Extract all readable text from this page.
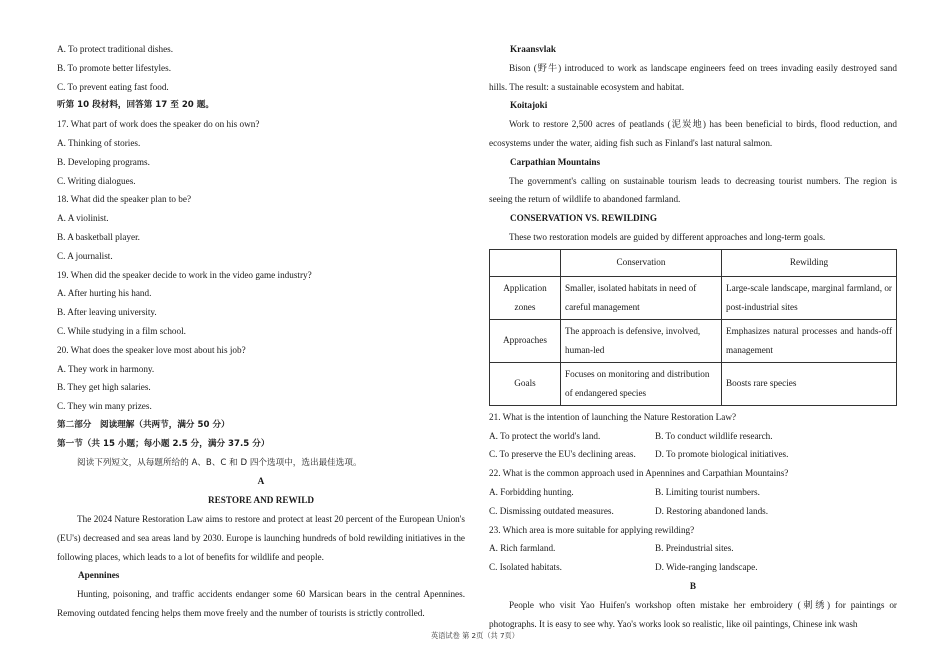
A. To protect traditional dishes.
B. To promote better lifestyles.
C. To prevent eating fast food.
听第 10 段材料，回答第 17 至 20 题。
17. What part of work does the speaker do on his own?
A. Thinking of stories.
B. Developing programs.
C. Writing dialogues.
18. What did the speaker plan to be?
A. A violinist.
B. A basketball player.
C. A journalist.
19. When did the speaker decide to work in the video game industry?
A. After hurting his hand.
B. After leaving university.
C. While studying in a film school.
20. What does the speaker love most about his job?
A. They work in harmony.
B. They get high salaries.
C. They win many prizes.
第二部分　阅读理解（共两节，满分 50 分）
第一节（共 15 小题；每小题 2.5 分，满分 37.5 分）
阅读下列短文，从每题所给的 A、B、C 和 D 四个选项中，选出最佳选项。
A
RESTORE AND REWILD
The 2024 Nature Restoration Law aims to restore and protect at least 20 percent of the European Union's (EU's) decreased and sea areas land by 2030. Europe is launching hundreds of bold rewilding initiatives in the following places, which leads to a lot of benefits for wildlife and people.
Apennines
Hunting, poisoning, and traffic accidents endanger some 60 Marsican bears in the central Apennines. Removing outdated fencing helps them move freely and the number of tourists is strictly controlled.
Kraansvlak
Bison (野牛) introduced to work as landscape engineers feed on trees invading easily destroyed sand hills. The result: a sustainable ecosystem and habitat.
Koitajoki
Work to restore 2,500 acres of peatlands (泥炭地) has been beneficial to birds, flood reduction, and ecosystems under the water, aiding fish such as Finland's last natural salmon.
Carpathian Mountains
The government's calling on sustainable tourism leads to decreasing tourist numbers. The region is seeing the return of wildlife to abandoned farmland.
CONSERVATION VS. REWILDING
These two restoration models are guided by different approaches and long-term goals.
	Conservation	Rewilding
Application zones	Smaller, isolated habitats in need of careful management	Large-scale landscape, marginal farmland, or post-industrial sites
Approaches	The approach is defensive, involved, human-led	Emphasizes natural processes and hands-off management
Goals	Focuses on monitoring and distribution of endangered species	Boosts rare species
21. What is the intention of launching the Nature Restoration Law?
A. To protect the world's land.	B. To conduct wildlife research.
C. To preserve the EU's declining areas.	D. To promote biological initiatives.
22. What is the common approach used in Apennines and Carpathian Mountains?
A. Forbidding hunting.	B. Limiting tourist numbers.
C. Dismissing outdated measures.	D. Restoring abandoned lands.
23. Which area is more suitable for applying rewilding?
A. Rich farmland.	B. Preindustrial sites.
C. Isolated habitats.	D. Wide-ranging landscape.
B
People who visit Yao Huifen's workshop often mistake her embroidery (刺绣) for paintings or photographs. It is easy to see why. Yao's works look so realistic, like oil paintings, Chinese ink wash
英语试卷 第 2页（共 7页）
